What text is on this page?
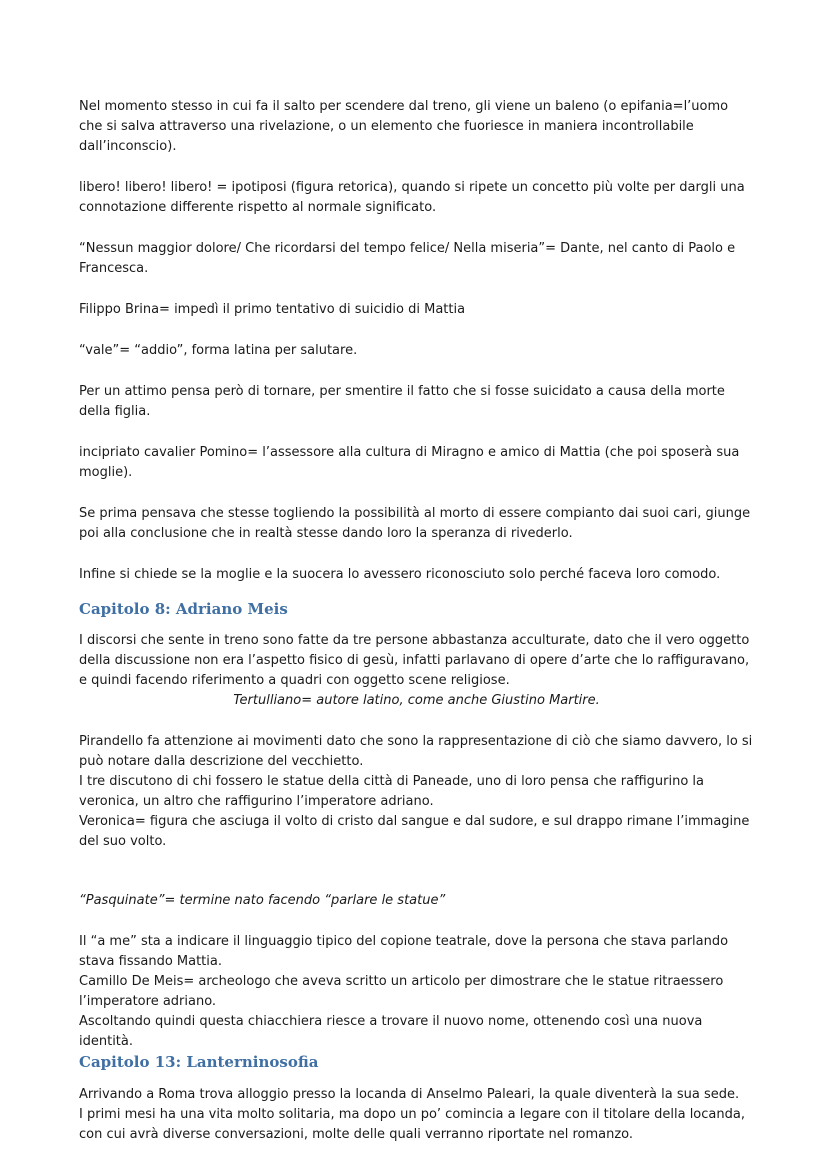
Nel momento stesso in cui fa il salto per scendere dal treno, gli viene un baleno (o epifania=l’uomo che si salva attraverso una rivelazione, o un elemento che fuoriesce in maniera incontrollabile dall’inconscio).

libero! libero! libero! = ipotiposi (figura retorica), quando si ripete un concetto più volte per dargli una connotazione differente rispetto al normale significato.

“Nessun maggior dolore/ Che ricordarsi del tempo felice/ Nella miseria”= Dante, nel canto di Paolo e Francesca.

Filippo Brina= impedì il primo tentativo di suicidio di Mattia

“vale”= “addio”, forma latina per salutare.

Per un attimo pensa però di tornare, per smentire il fatto che si fosse suicidato a causa della morte della figlia.

incipriato cavalier Pomino= l’assessore alla cultura di Miragno e amico di Mattia (che poi sposerà sua moglie).

Se prima pensava che stesse togliendo la possibilità al morto di essere compianto dai suoi cari, giunge poi alla conclusione che in realtà stesse dando loro la speranza di rivederlo.

Infine si chiede se la moglie e la suocera lo avessero riconosciuto solo perché faceva loro comodo.

Capitolo 8: Adriano Meis

I discorsi che sente in treno sono fatte da tre persone abbastanza acculturate, dato che il vero oggetto della discussione non era l’aspetto fisico di gesù, infatti parlavano di opere d’arte che lo raffiguravano, e quindi facendo riferimento a quadri con oggetto scene religiose.

Tertulliano= autore latino, come anche Giustino Martire.

Pirandello fa attenzione ai movimenti dato che sono la rappresentazione di ciò che siamo davvero, lo si può notare dalla descrizione del vecchietto.

I tre discutono di chi fossero le statue della città di Paneade, uno di loro pensa che raffigurino la veronica, un altro che raffigurino l’imperatore adriano.

Veronica= figura che asciuga il volto di cristo dal sangue e dal sudore, e sul drappo rimane l’immagine del suo volto.

“Pasquinate”= termine nato facendo “parlare le statue”

Il “a me” sta a indicare il linguaggio tipico del copione teatrale, dove la persona che stava parlando stava fissando Mattia.

Camillo De Meis= archeologo che aveva scritto un articolo per dimostrare che le statue ritraessero l’imperatore adriano.

Ascoltando quindi questa chiacchiera riesce a trovare il nuovo nome, ottenendo così una nuova identità.

Capitolo 13: Lanterninosofia

Arrivando a Roma trova alloggio presso la locanda di Anselmo Paleari, la quale diventerà la sua sede.

I primi mesi ha una vita molto solitaria, ma dopo un po’ comincia a legare con il titolare della locanda, con cui avrà diverse conversazioni, molte delle quali verranno riportate nel romanzo.
